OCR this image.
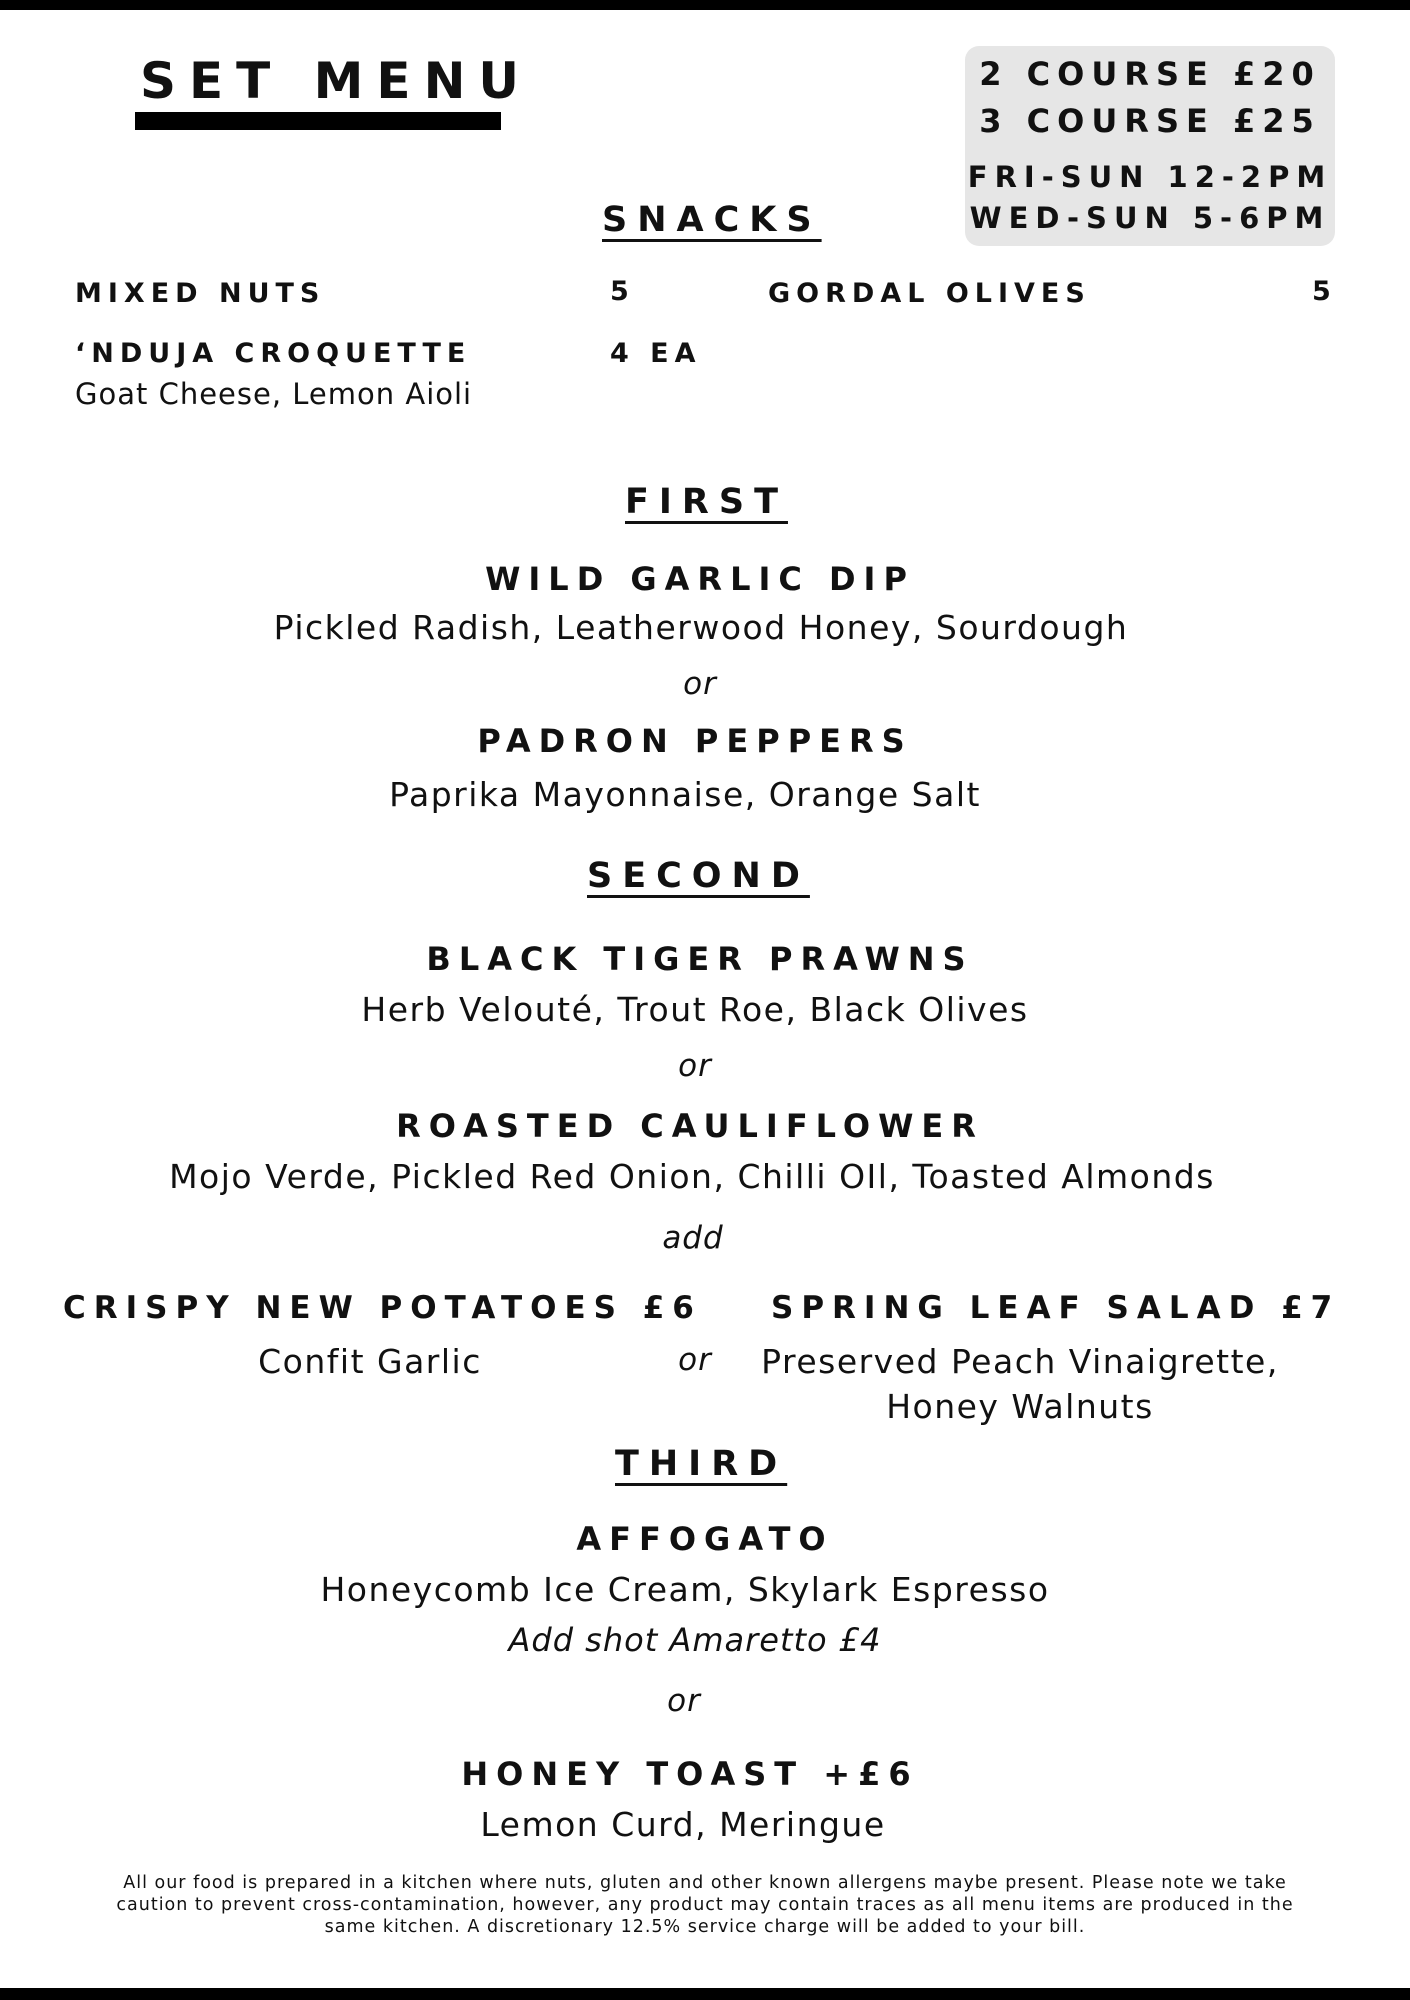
SET MENU	2 COURSE £20
3 COURSE £25
FRI-SUN 12-2PM
WED-SUN 5-6PM
SNACKS
MIXED NUTS	5	GORDAL OLIVES	5
‘NDUJA CROQUETTE	4 EA
Goat Cheese, Lemon Aioli
FIRST
WILD GARLIC DIP
Pickled Radish, Leatherwood Honey, Sourdough
or
PADRON PEPPERS
Paprika Mayonnaise, Orange Salt
SECOND
BLACK TIGER PRAWNS
Herb Velouté, Trout Roe, Black Olives
or
ROASTED CAULIFLOWER
Mojo Verde, Pickled Red Onion, Chilli OIl, Toasted Almonds
add
CRISPY NEW POTATOES £6
Confit Garlic	or
SPRING LEAF SALAD £7
Preserved Peach Vinaigrette,
Honey Walnuts
THIRD
AFFOGATO
Honeycomb Ice Cream, Skylark Espresso
Add shot Amaretto £4
or
HONEY TOAST +£6
Lemon Curd, Meringue
All our food is prepared in a kitchen where nuts, gluten and other known allergens maybe present. Please note we take
caution to prevent cross-contamination, however, any product may contain traces as all menu items are produced in the
same kitchen. A discretionary 12.5% service charge will be added to your bill.
